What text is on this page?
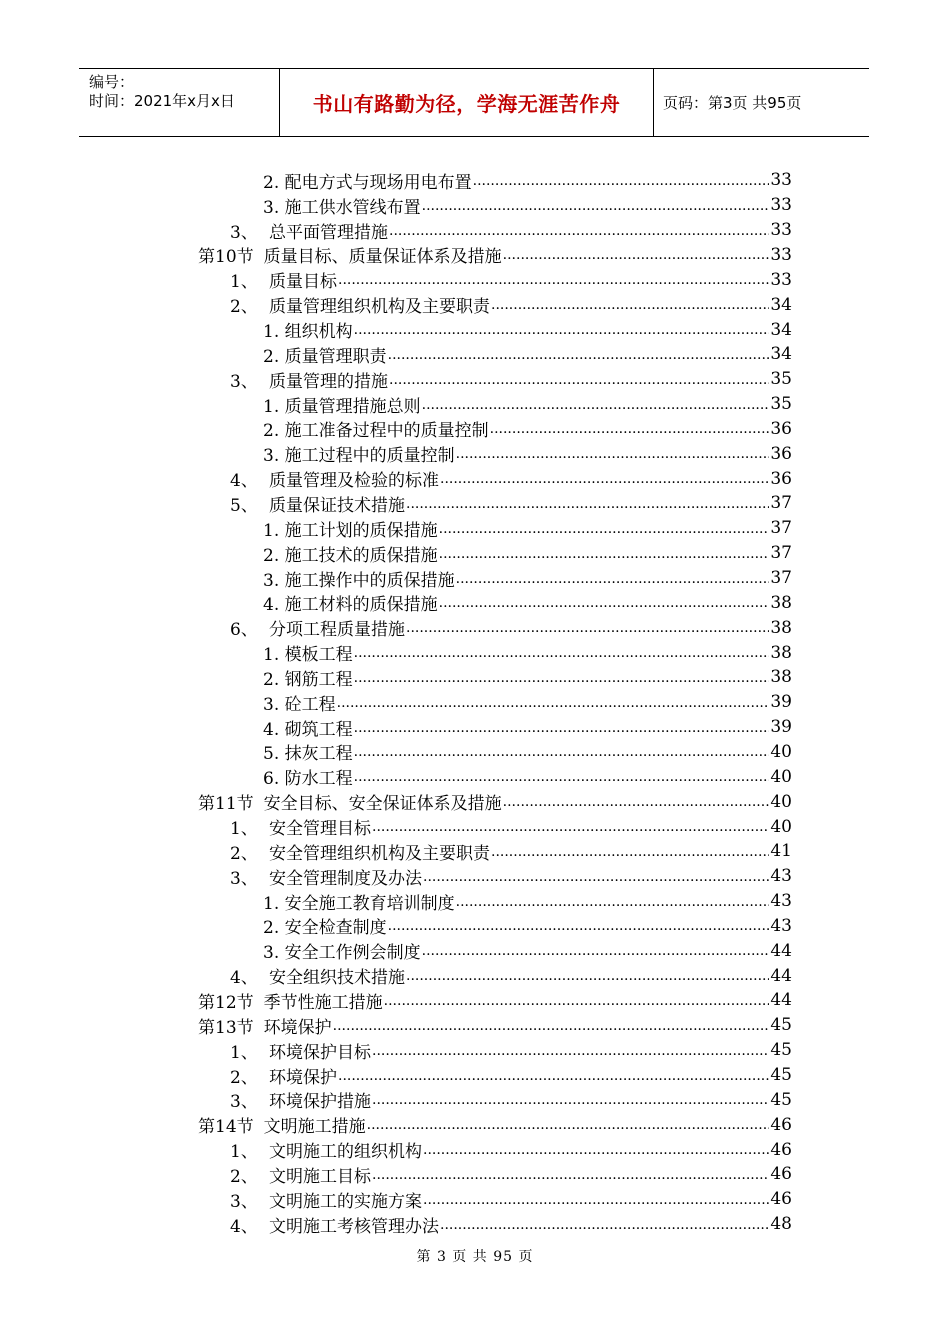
编号：
时间：2021年x月x日	书山有路勤为径，学海无涯苦作舟	页码：第3页 共95页
2. 配电方式与现场用电布置 .....	33
3. 施工供水管线布置 .....	33
3、 总平面管理措施 .....	33
第10节 质量目标、质量保证体系及措施 .....	33
1、 质量目标 .....	33
2、 质量管理组织机构及主要职责 .....	34
1. 组织机构 .....	34
2. 质量管理职责 .....	34
3、 质量管理的措施 .....	35
1. 质量管理措施总则 .....	35
2. 施工准备过程中的质量控制 .....	36
3. 施工过程中的质量控制 .....	36
4、 质量管理及检验的标准 .....	36
5、 质量保证技术措施 .....	37
1. 施工计划的质保措施 .....	37
2. 施工技术的质保措施 .....	37
3. 施工操作中的质保措施 .....	37
4. 施工材料的质保措施 .....	38
6、 分项工程质量措施 .....	38
1. 模板工程 .....	38
2. 钢筋工程 .....	38
3. 砼工程 .....	39
4. 砌筑工程 .....	39
5. 抹灰工程 .....	40
6. 防水工程 .....	40
第11节 安全目标、安全保证体系及措施 .....	40
1、 安全管理目标 .....	40
2、 安全管理组织机构及主要职责 .....	41
3、 安全管理制度及办法 .....	43
1. 安全施工教育培训制度 .....	43
2. 安全检查制度 .....	43
3. 安全工作例会制度 .....	44
4、 安全组织技术措施 .....	44
第12节 季节性施工措施 .....	44
第13节 环境保护 .....	45
1、 环境保护目标 .....	45
2、 环境保护 .....	45
3、 环境保护措施 .....	45
第14节 文明施工措施 .....	46
1、 文明施工的组织机构 .....	46
2、 文明施工目标 .....	46
3、 文明施工的实施方案 .....	46
4、 文明施工考核管理办法 .....	48
第 3 页 共 95 页
